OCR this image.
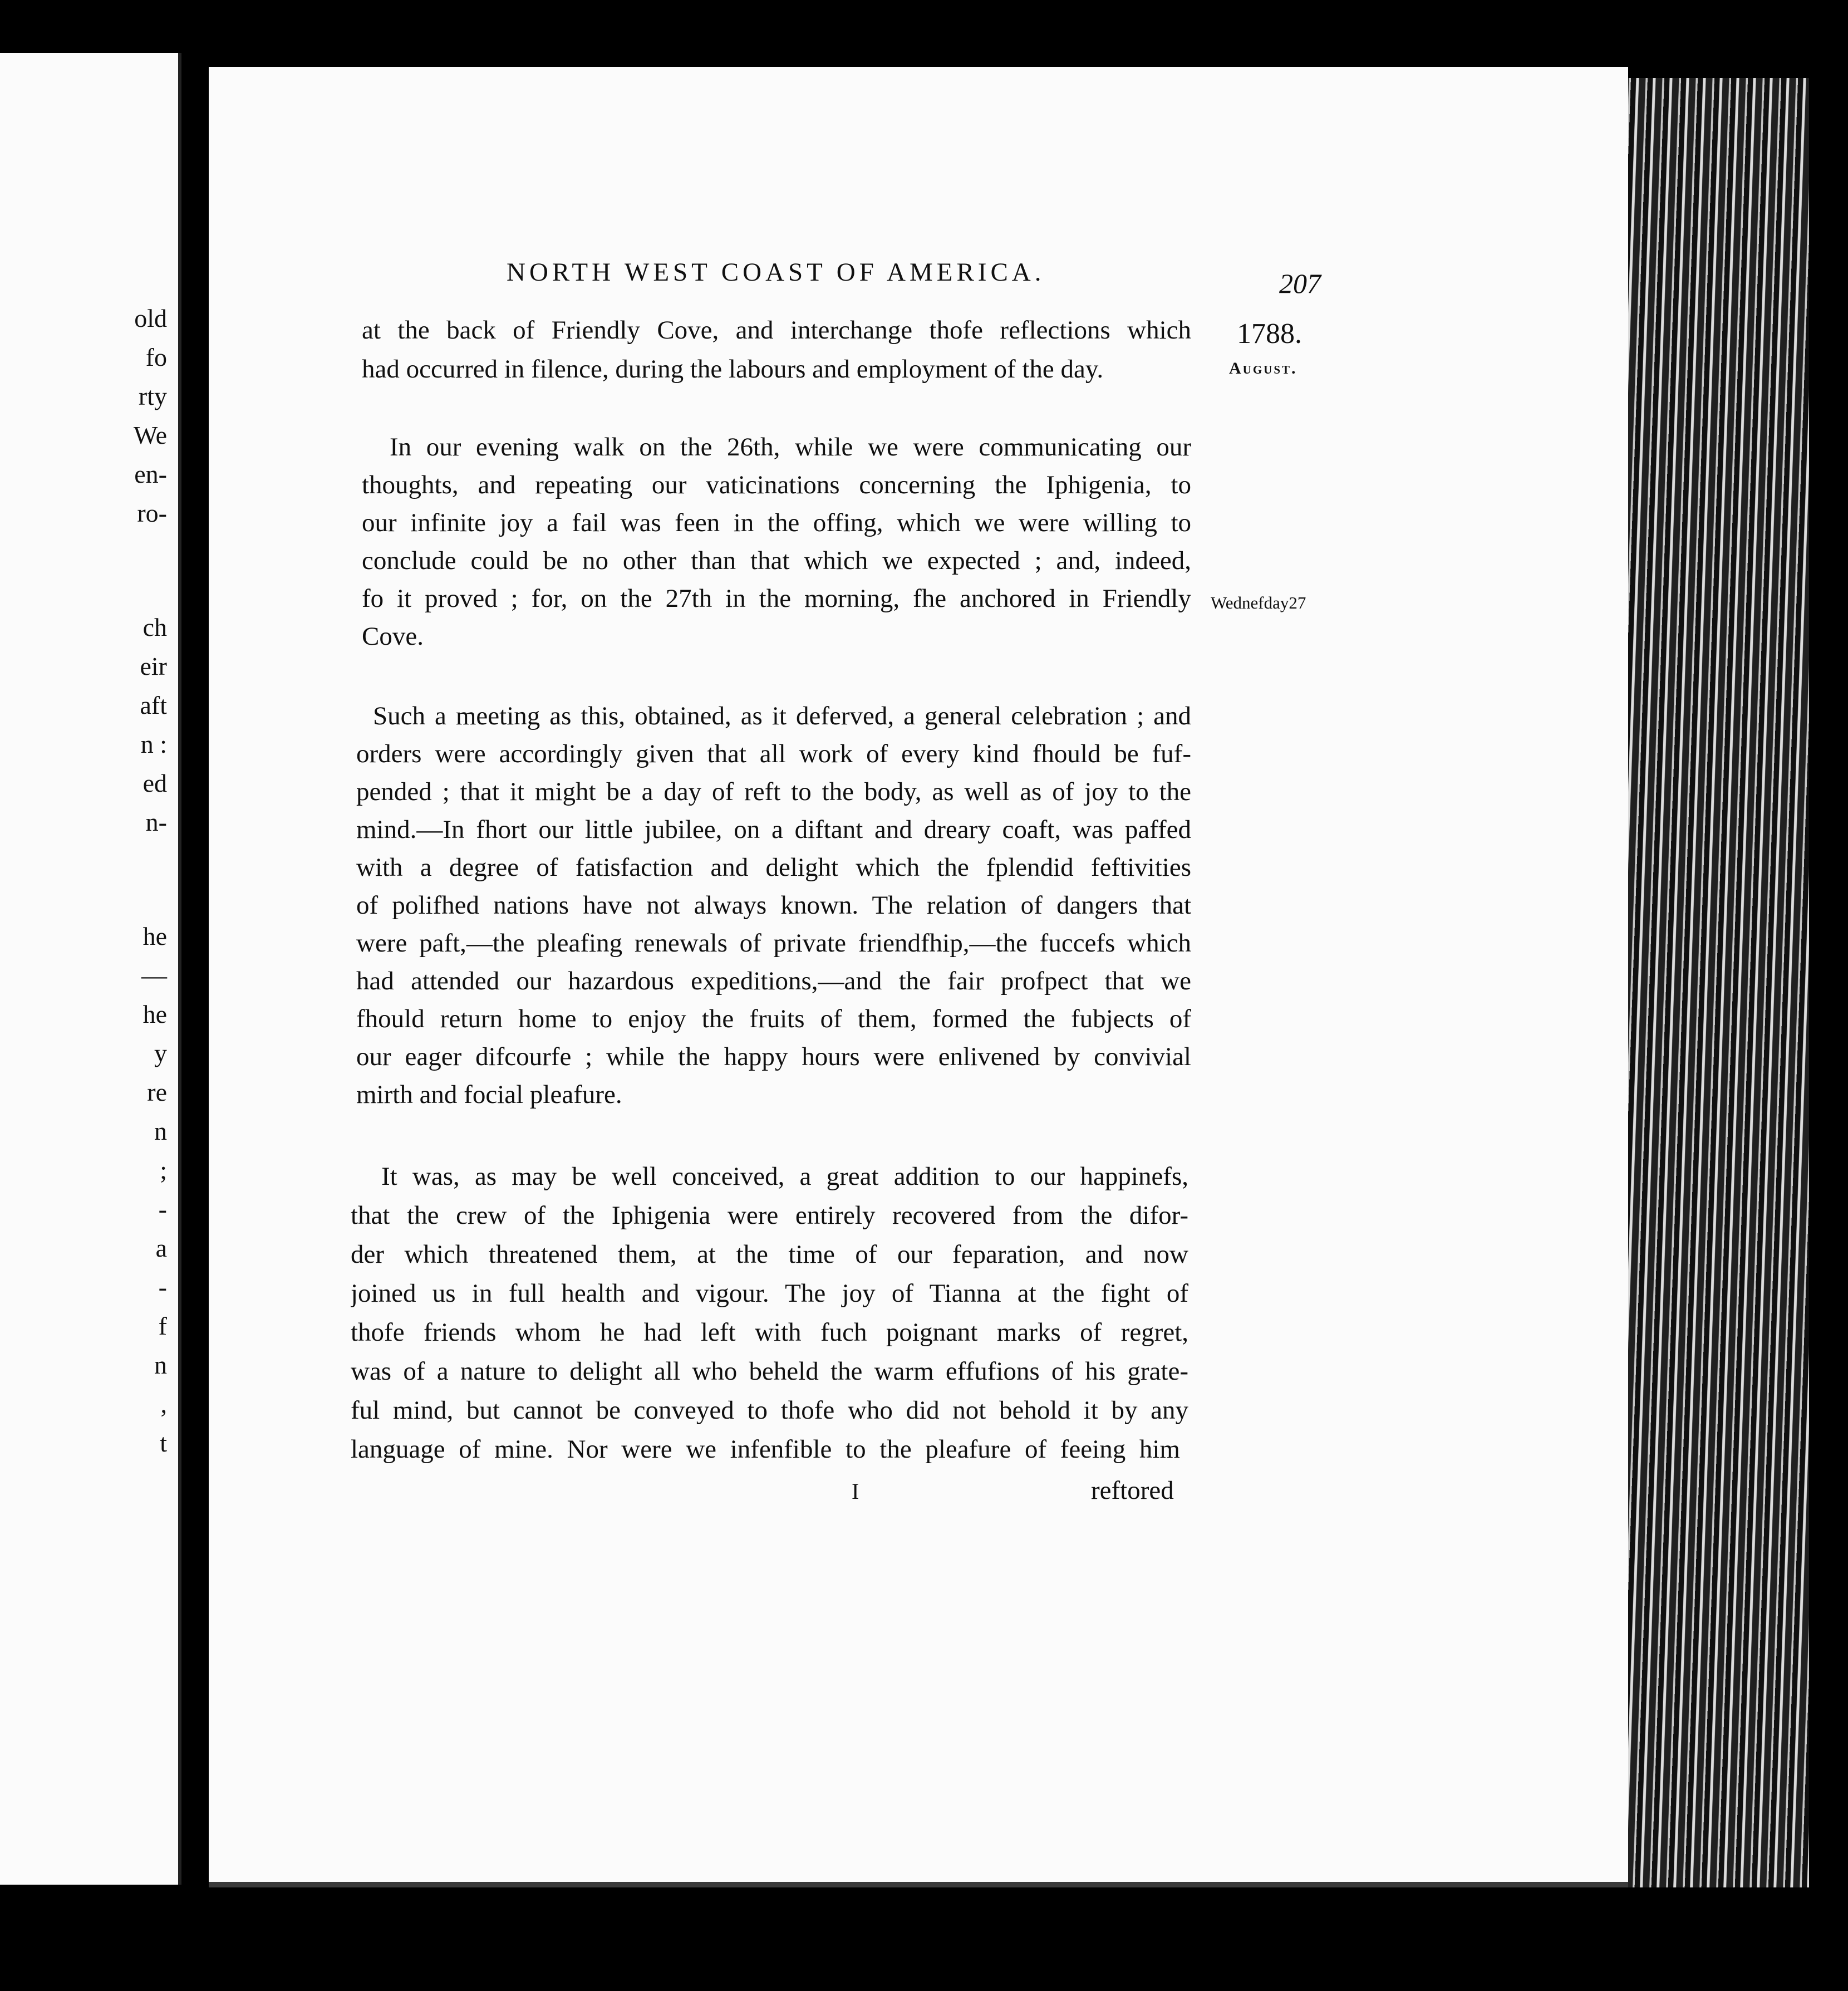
old
fo
rty
We
en-
ro-
ch
eir
aft
n :
ed
n-
he
—
he
y
re
n
;
-
a
-
f
n
,
t
NORTH WEST COAST OF AMERICA.	207
1788.
August.
Wednefday27
at the back of Friendly Cove, and interchange thofe reflections which
had occurred in filence, during the labours and employment of the day.
In our evening walk on the 26th, while we were communicating our
thoughts, and repeating our vaticinations concerning the Iphigenia, to
our infinite joy a fail was feen in the offing, which we were willing to
conclude could be no other than that which we expected ; and, indeed,
fo it proved ; for, on the 27th in the morning, fhe anchored in Friendly
Cove.
Such a meeting as this, obtained, as it deferved, a general celebration ; and
orders were accordingly given that all work of every kind fhould be fuf-
pended ; that it might be a day of reft to the body, as well as of joy to the
mind.—In fhort our little jubilee, on a diftant and dreary coaft, was paffed
with a degree of fatisfaction and delight which the fplendid feftivities
of polifhed nations have not always known. The relation of dangers that
were paft,—the pleafing renewals of private friendfhip,—the fuccefs which
had attended our hazardous expeditions,—and the fair profpect that we
fhould return home to enjoy the fruits of them, formed the fubjects of
our eager difcourfe ; while the happy hours were enlivened by convivial
mirth and focial pleafure.
It was, as may be well conceived, a great addition to our happinefs,
that the crew of the Iphigenia were entirely recovered from the difor-
der which threatened them, at the time of our feparation, and now
joined us in full health and vigour. The joy of Tianna at the fight of
thofe friends whom he had left with fuch poignant marks of regret,
was of a nature to delight all who beheld the warm effufions of his grate-
ful mind, but cannot be conveyed to thofe who did not behold it by any
language of mine. Nor were we infenfible to the pleafure of feeing him
I	reftored
